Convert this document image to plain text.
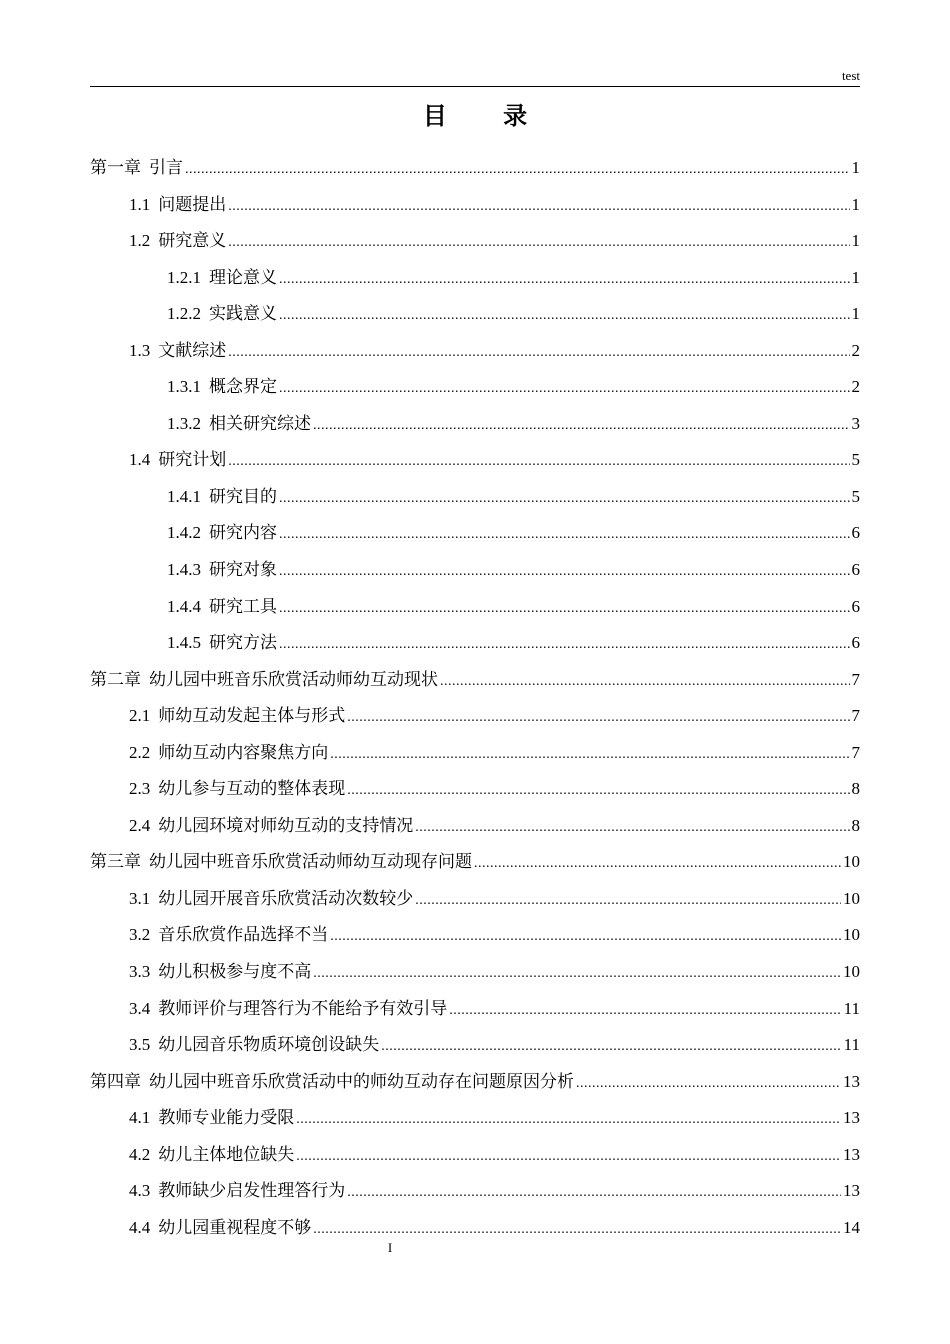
test
目 录
第一章 引言 .....	1
1.1 问题提出 .....	1
1.2 研究意义 .....	1
1.2.1 理论意义 .....	1
1.2.2 实践意义 .....	1
1.3 文献综述 .....	2
1.3.1 概念界定 .....	2
1.3.2 相关研究综述 .....	3
1.4 研究计划 .....	5
1.4.1 研究目的 .....	5
1.4.2 研究内容 .....	6
1.4.3 研究对象 .....	6
1.4.4 研究工具 .....	6
1.4.5 研究方法 .....	6
第二章 幼儿园中班音乐欣赏活动师幼互动现状 .....	7
2.1 师幼互动发起主体与形式 .....	7
2.2 师幼互动内容聚焦方向 .....	7
2.3 幼儿参与互动的整体表现 .....	8
2.4 幼儿园环境对师幼互动的支持情况 .....	8
第三章 幼儿园中班音乐欣赏活动师幼互动现存问题 .....	10
3.1 幼儿园开展音乐欣赏活动次数较少 .....	10
3.2 音乐欣赏作品选择不当 .....	10
3.3 幼儿积极参与度不高 .....	10
3.4 教师评价与理答行为不能给予有效引导 .....	11
3.5 幼儿园音乐物质环境创设缺失 .....	11
第四章 幼儿园中班音乐欣赏活动中的师幼互动存在问题原因分析 .....	13
4.1 教师专业能力受限 .....	13
4.2 幼儿主体地位缺失 .....	13
4.3 教师缺少启发性理答行为 .....	13
4.4 幼儿园重视程度不够 .....	14
I
